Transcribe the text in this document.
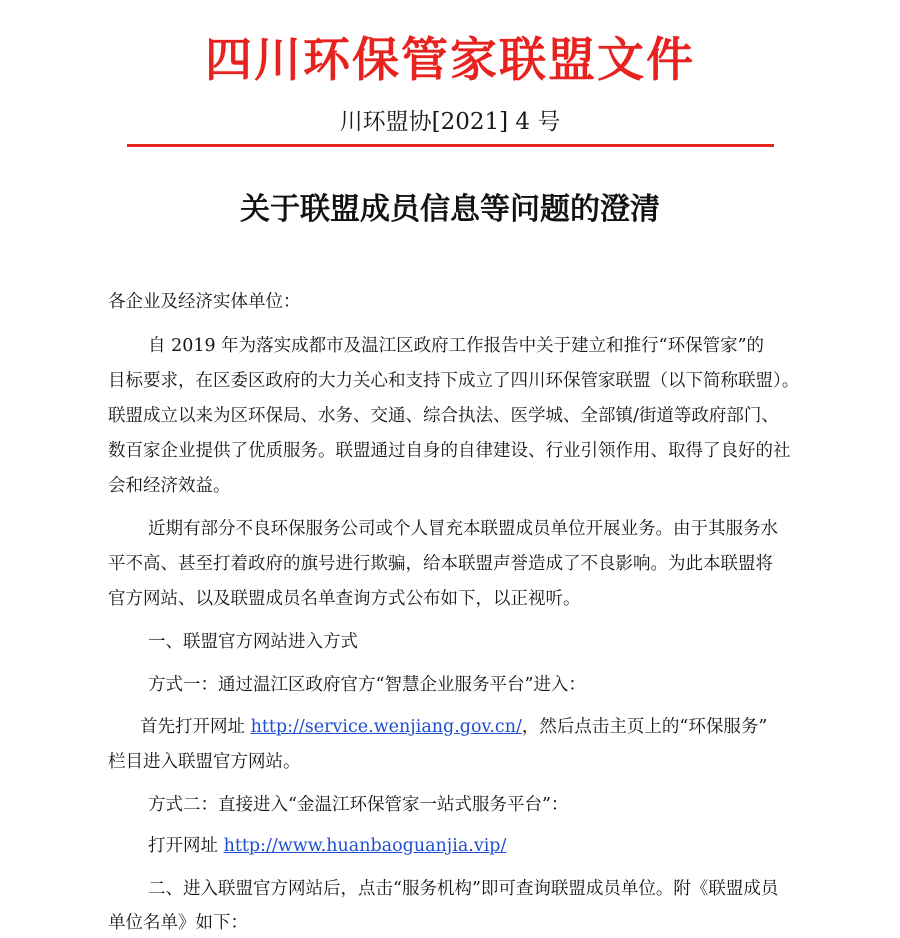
四川环保管家联盟文件
川环盟协[2021] 4 号
关于联盟成员信息等问题的澄清
各企业及经济实体单位：
自 2019 年为落实成都市及温江区政府工作报告中关于建立和推行“环保管家”的
目标要求，在区委区政府的大力关心和支持下成立了四川环保管家联盟（以下简称联盟）。
联盟成立以来为区环保局、水务、交通、综合执法、医学城、全部镇/街道等政府部门、
数百家企业提供了优质服务。联盟通过自身的自律建设、行业引领作用、取得了良好的社
会和经济效益。
近期有部分不良环保服务公司或个人冒充本联盟成员单位开展业务。由于其服务水
平不高、甚至打着政府的旗号进行欺骗，给本联盟声誉造成了不良影响。为此本联盟将
官方网站、以及联盟成员名单查询方式公布如下，以正视听。
一、联盟官方网站进入方式
方式一：通过温江区政府官方“智慧企业服务平台”进入：
首先打开网址 http://service.wenjiang.gov.cn/，然后点击主页上的“环保服务”
栏目进入联盟官方网站。
方式二：直接进入“金温江环保管家一站式服务平台”：
打开网址 http://www.huanbaoguanjia.vip/
二、进入联盟官方网站后，点击“服务机构”即可查询联盟成员单位。附《联盟成员
单位名单》如下：
